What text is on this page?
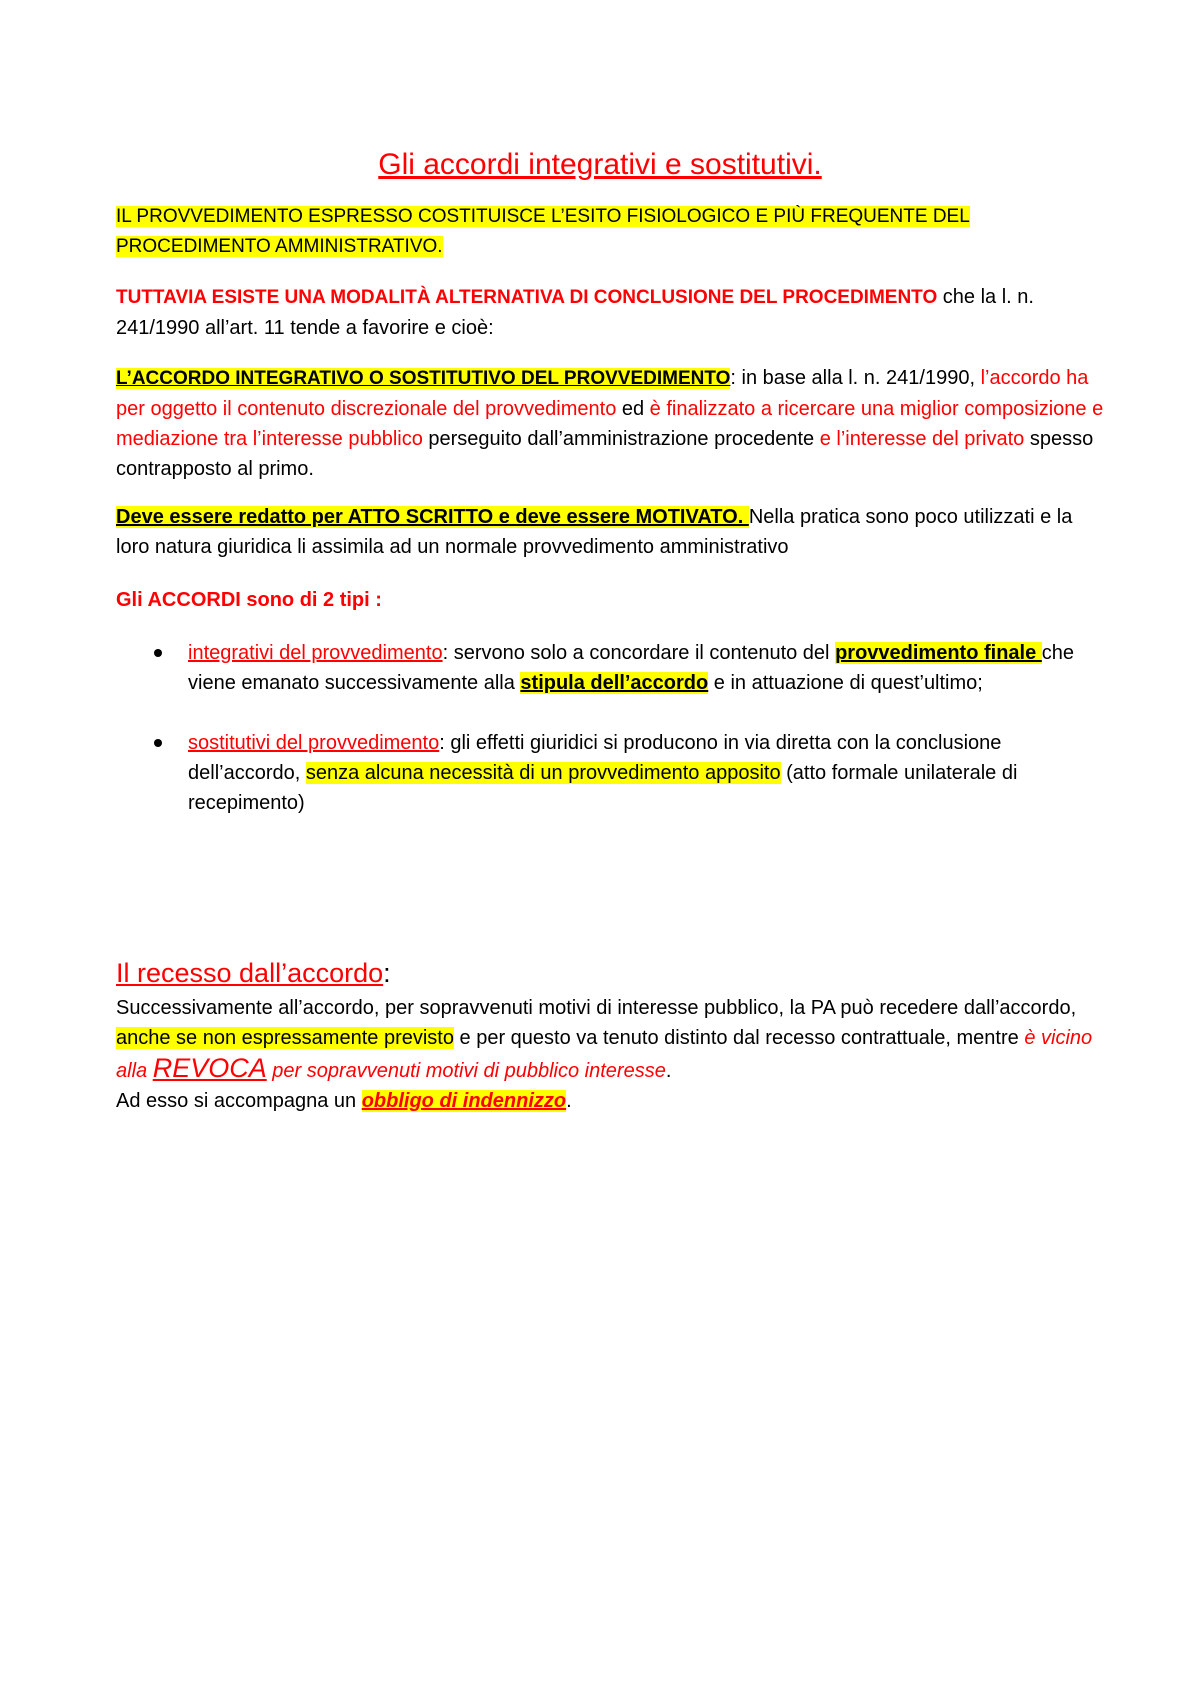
Gli accordi integrativi e sostitutivi.

IL PROVVEDIMENTO ESPRESSO COSTITUISCE L’ESITO FISIOLOGICO E PIÙ FREQUENTE DEL PROCEDIMENTO AMMINISTRATIVO.

TUTTAVIA ESISTE UNA MODALITÀ ALTERNATIVA DI CONCLUSIONE DEL PROCEDIMENTO che la l. n. 241/1990 all’art. 11 tende a favorire e cioè:

L’ACCORDO INTEGRATIVO O SOSTITUTIVO DEL PROVVEDIMENTO: in base alla l. n. 241/1990, l’accordo ha per oggetto il contenuto discrezionale del provvedimento ed è finalizzato a ricercare una miglior composizione e mediazione tra l’interesse pubblico perseguito dall’amministrazione procedente e l’interesse del privato spesso contrapposto al primo.

Deve essere redatto per ATTO SCRITTO e deve essere MOTIVATO. Nella pratica sono poco utilizzati e la loro natura giuridica li assimila ad un normale provvedimento amministrativo

Gli ACCORDI sono di 2 tipi :

integrativi del provvedimento: servono solo a concordare il contenuto del provvedimento finale che viene emanato successivamente alla stipula dell’accordo e in attuazione di quest’ultimo;
sostitutivi del provvedimento: gli effetti giuridici si producono in via diretta con la conclusione dell’accordo, senza alcuna necessità di un provvedimento apposito (atto formale unilaterale di recepimento)
Il recesso dall’accordo:

Successivamente all’accordo, per sopravvenuti motivi di interesse pubblico, la PA può recedere dall’accordo, anche se non espressamente previsto e per questo va tenuto distinto dal recesso contrattuale, mentre è vicino alla REVOCA per sopravvenuti motivi di pubblico interesse.
Ad esso si accompagna un obbligo di indennizzo.
